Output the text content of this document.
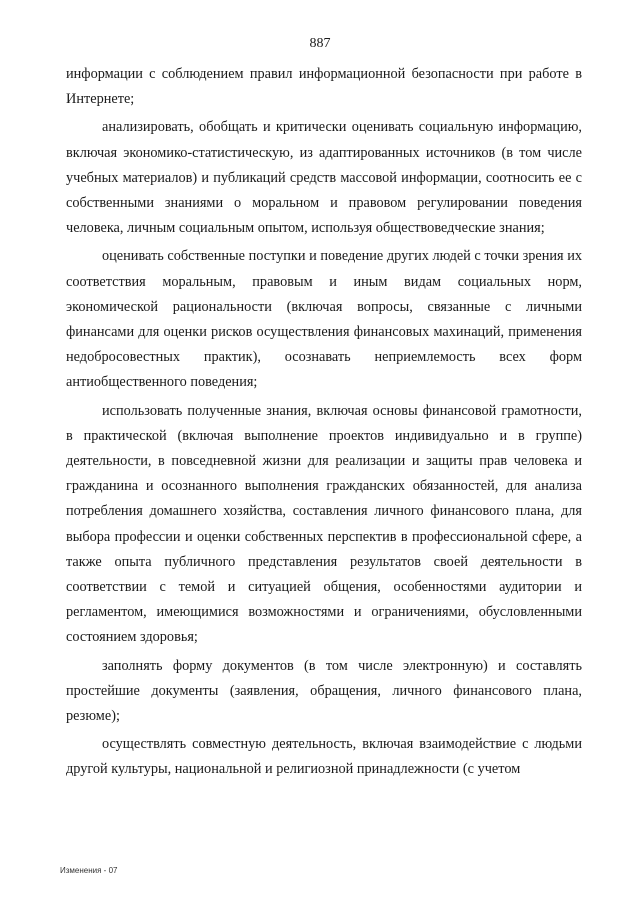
887

информации с соблюдением правил информационной безопасности при работе в Интернете;

анализировать, обобщать и критически оценивать социальную информацию, включая экономико-статистическую, из адаптированных источников (в том числе учебных материалов) и публикаций средств массовой информации, соотносить ее с собственными знаниями о моральном и правовом регулировании поведения человека, личным социальным опытом, используя обществоведческие знания;

оценивать собственные поступки и поведение других людей с точки зрения их соответствия моральным, правовым и иным видам социальных норм, экономической рациональности (включая вопросы, связанные с личными финансами для оценки рисков осуществления финансовых махинаций, применения недобросовестных практик), осознавать неприемлемость всех форм антиобщественного поведения;

использовать полученные знания, включая основы финансовой грамотности, в практической (включая выполнение проектов индивидуально и в группе) деятельности, в повседневной жизни для реализации и защиты прав человека и гражданина и осознанного выполнения гражданских обязанностей, для анализа потребления домашнего хозяйства, составления личного финансового плана, для выбора профессии и оценки собственных перспектив в профессиональной сфере, а также опыта публичного представления результатов своей деятельности в соответствии с темой и ситуацией общения, особенностями аудитории и регламентом, имеющимися возможностями и ограничениями, обусловленными состоянием здоровья;

заполнять форму документов (в том числе электронную) и составлять простейшие документы (заявления, обращения, личного финансового плана, резюме);

осуществлять совместную деятельность, включая взаимодействие с людьми другой культуры, национальной и религиозной принадлежности (с учетом

Изменения - 07
